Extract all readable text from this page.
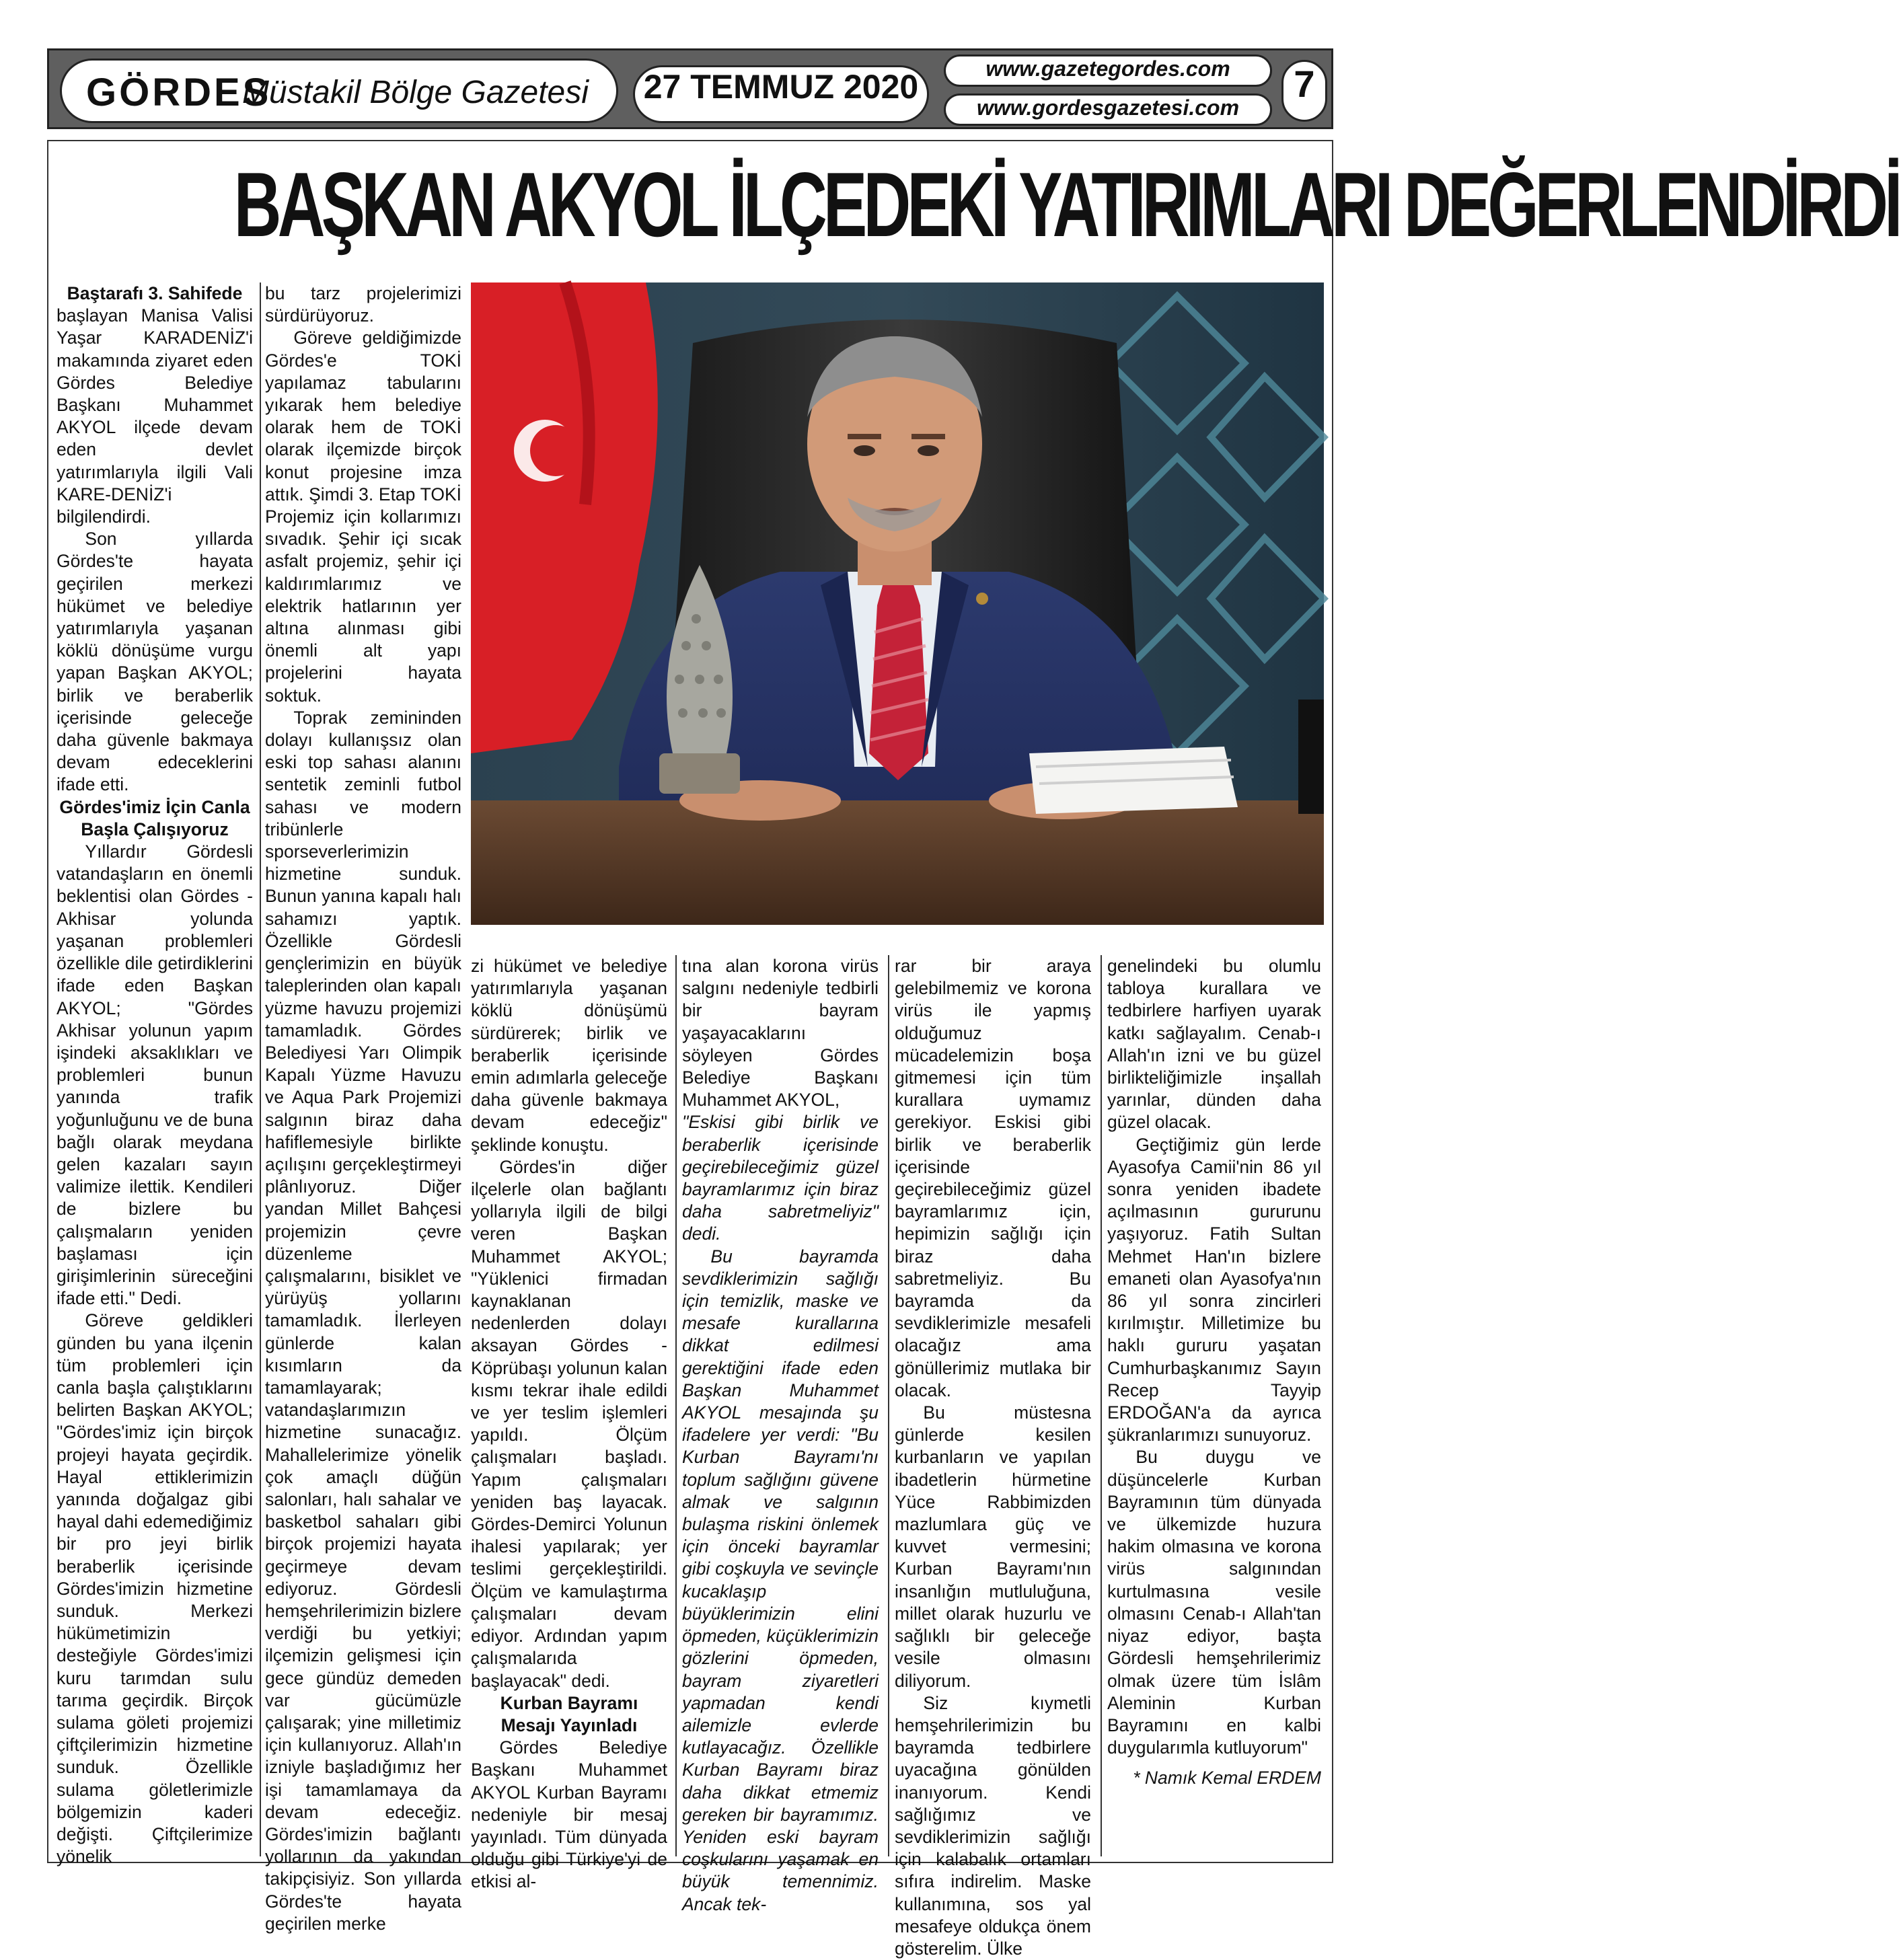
GÖRDES
Müstakil Bölge Gazetesi	27 TEMMUZ 2020	www.gazetegordes.com
www.gordesgazetesi.com
7
BAŞKAN AKYOL İLÇEDEKİ YATIRIMLARI DEĞERLENDİRDİ

Baştarafı 3. Sahifede

başlayan Manisa Valisi Yaşar KARADENİZ'i makamında ziyaret eden Gördes Belediye Başkanı Muhammet AKYOL ilçede devam eden devlet yatırımlarıyla ilgili Vali KARE-DENİZ'i bilgilendirdi.

Son yıllarda Gördes'te hayata geçirilen merkezi hükümet ve belediye yatırımlarıyla yaşanan köklü dönüşüme vurgu yapan Başkan AKYOL; birlik ve beraberlik içerisinde geleceğe daha güvenle bakmaya devam edeceklerini ifade etti.

Gördes'imiz İçin Canla Başla Çalışıyoruz

Yıllardır Gördesli vatandaşların en önemli beklentisi olan Gördes - Akhisar yolunda yaşanan problemleri özellikle dile getirdiklerini ifade eden Başkan AKYOL; "Gördes Akhisar yolunun yapım işindeki aksaklıkları ve problemleri bunun yanında trafik yoğunluğunu ve de buna bağlı olarak meydana gelen kazaları sayın valimize ilettik. Kendileri de bizlere bu çalışmaların yeniden başlaması için girişimlerinin süreceğini ifade etti." Dedi.

Göreve geldikleri günden bu yana ilçenin tüm problemleri için canla başla çalıştıklarını belirten Başkan AKYOL; "Gördes'imiz için birçok projeyi hayata geçirdik. Hayal ettiklerimizin yanında doğalgaz gibi hayal dahi edemediğimiz bir pro jeyi birlik beraberlik içerisinde Gördes'imizin hizmetine sunduk. Merkezi hükümetimizin desteğiyle Gördes'imizi kuru tarımdan sulu tarıma geçirdik. Birçok sulama göleti projemizi çiftçilerimizin hizmetine sunduk. Özellikle sulama göletlerimizle bölgemizin kaderi değişti. Çiftçilerimize yönelik

bu tarz projelerimizi sürdürüyoruz.

Göreve geldiğimizde Gördes'e TOKİ yapılamaz tabularını yıkarak hem belediye olarak hem de TOKİ olarak ilçemizde birçok konut projesine imza attık. Şimdi 3. Etap TOKİ Projemiz için kollarımızı sıvadık. Şehir içi sıcak asfalt projemiz, şehir içi kaldırımlarımız ve elektrik hatlarının yer altına alınması gibi önemli alt yapı projelerini hayata soktuk.

Toprak zemininden dolayı kullanışsız olan eski top sahası alanını sentetik zeminli futbol sahası ve modern tribünlerle sporseverlerimizin hizmetine sunduk. Bunun yanına kapalı halı sahamızı yaptık. Özellikle Gördesli gençlerimizin en büyük taleplerinden olan kapalı yüzme havuzu projemizi tamamladık. Gördes Belediyesi Yarı Olimpik Kapalı Yüzme Havuzu ve Aqua Park Projemizi salgının biraz daha hafiflemesiyle birlikte açılışını gerçekleştirmeyi plânlıyoruz. Diğer yandan Millet Bahçesi projemizin çevre düzenleme çalışmalarını, bisiklet ve yürüyüş yollarını tamamladık. İlerleyen günlerde kalan kısımların da tamamlayarak; vatandaşlarımızın hizmetine sunacağız. Mahallelerimize yönelik çok amaçlı düğün salonları, halı sahalar ve basketbol sahaları gibi birçok projemizi hayata geçirmeye devam ediyoruz. Gördesli hemşehrilerimizin bizlere verdiği bu yetkiyi; ilçemizin gelişmesi için gece gündüz demeden var gücümüzle çalışarak; yine milletimiz için kullanıyoruz. Allah'ın izniyle başladığımız her işi tamamlamaya da devam edeceğiz. Gördes'imizin bağlantı yollarının da yakından takipçisiyiz. Son yıllarda Gördes'te hayata geçirilen merke

zi hükümet ve belediye yatırımlarıyla yaşanan köklü dönüşümü sürdürerek; birlik ve beraberlik içerisinde emin adımlarla geleceğe daha güvenle bakmaya devam edeceğiz" şeklinde konuştu.

Gördes'in diğer ilçelerle olan bağlantı yollarıyla ilgili de bilgi veren Başkan Muhammet AKYOL; "Yüklenici firmadan kaynaklanan nedenlerden dolayı aksayan Gördes - Köprübaşı yolunun kalan kısmı tekrar ihale edildi ve yer teslim işlemleri yapıldı. Ölçüm çalışmaları başladı. Yapım çalışmaları yeniden baş layacak. Gördes-Demirci Yolunun ihalesi yapılarak; yer teslimi gerçekleştirildi. Ölçüm ve kamulaştırma çalışmaları devam ediyor. Ardından yapım çalışmalarıda başlayacak" dedi.

Kurban Bayramı Mesajı Yayınladı

Gördes Belediye Başkanı Muhammet AKYOL Kurban Bayramı nedeniyle bir mesaj yayınladı. Tüm dünyada olduğu gibi Türkiye'yi de etkisi al-

tına alan korona virüs salgını nedeniyle tedbirli bir bayram yaşayacaklarını söyleyen Gördes Belediye Başkanı Muhammet AKYOL,

"Eskisi gibi birlik ve beraberlik içerisinde geçirebileceğimiz güzel bayramlarımız için biraz daha sabretmeliyiz" dedi.

Bu bayramda sevdiklerimizin sağlığı için temizlik, maske ve mesafe kurallarına dikkat edilmesi gerektiğini ifade eden Başkan Muhammet AKYOL mesajında şu ifadelere yer verdi: "Bu Kurban Bayramı'nı toplum sağlığını güvene almak ve salgının bulaşma riskini önlemek için önceki bayramlar gibi coşkuyla ve sevinçle kucaklaşıp büyüklerimizin elini öpmeden, küçüklerimizin gözlerini öpmeden, bayram ziyaretleri yapmadan kendi ailemizle evlerde kutlayacağız. Özellikle Kurban Bayramı biraz daha dikkat etmemiz gereken bir bayramımız. Yeniden eski bayram coşkularını yaşamak en büyük temennimiz. Ancak tek-

rar bir araya gelebilmemiz ve korona virüs ile yapmış olduğumuz mücadelemizin boşa gitmemesi için tüm kurallara uymamız gerekiyor. Eskisi gibi birlik ve beraberlik içerisinde geçirebileceğimiz güzel bayramlarımız için, hepimizin sağlığı için biraz daha sabretmeliyiz. Bu bayramda da sevdiklerimizle mesafeli olacağız ama gönüllerimiz mutlaka bir olacak.

Bu müstesna günlerde kesilen kurbanların ve yapılan ibadetlerin hürmetine Yüce Rabbimizden mazlumlara güç ve kuvvet vermesini; Kurban Bayramı'nın insanlığın mutluluğuna, millet olarak huzurlu ve sağlıklı bir geleceğe vesile olmasını diliyorum.

Siz kıymetli hemşehrilerimizin bu bayramda tedbirlere uyacağına gönülden inanıyorum. Kendi sağlığımız ve sevdiklerimizin sağlığı için kalabalık ortamları sıfıra indirelim. Maske kullanımına, sos yal mesafeye oldukça önem gösterelim. Ülke

genelindeki bu olumlu tabloya kurallara ve tedbirlere harfiyen uyarak katkı sağlayalım. Cenab-ı Allah'ın izni ve bu güzel birlikteliğimizle inşallah yarınlar, dünden daha güzel olacak.

Geçtiğimiz gün lerde Ayasofya Camii'nin 86 yıl sonra yeniden ibadete açılmasının gururunu yaşıyoruz. Fatih Sultan Mehmet Han'ın bizlere emaneti olan Ayasofya'nın 86 yıl sonra zincirleri kırılmıştır. Milletimize bu haklı gururu yaşatan Cumhurbaşkanımız Sayın Recep Tayyip ERDOĞAN'a da ayrıca şükranlarımızı sunuyoruz.

Bu duygu ve düşüncelerle Kurban Bayramının tüm dünyada ve ülkemizde huzura hakim olmasına ve korona virüs salgınından kurtulmasına vesile olmasını Cenab-ı Allah'tan niyaz ediyor, başta Gördesli hemşehrilerimiz olmak üzere tüm İslâm Aleminin Kurban Bayramını en kalbi duygularımla kutluyorum"

* Namık Kemal ERDEM
